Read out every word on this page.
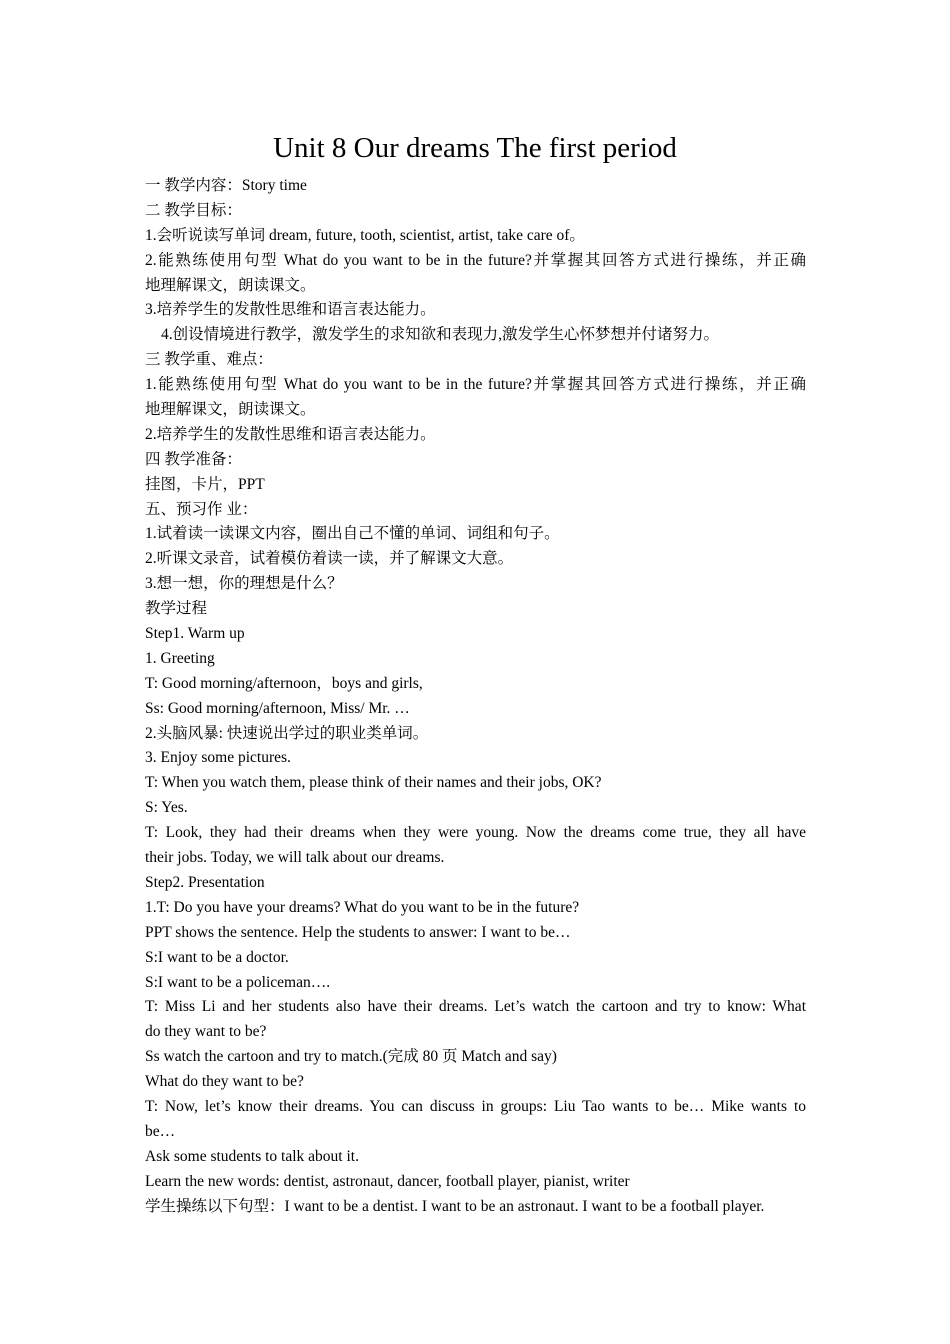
Unit 8 Our dreams The first period
一 教学内容：Story time
二 教学目标：
1.会听说读写单词 dream, future, tooth, scientist, artist, take care of。
2.能熟练使用句型 What do you want to be in the future?并掌握其回答方式进行操练，并正确
地理解课文，朗读课文。
3.培养学生的发散性思维和语言表达能力。
4.创设情境进行教学，激发学生的求知欲和表现力,激发学生心怀梦想并付诸努力。
三 教学重、难点：
1.能熟练使用句型 What do you want to be in the future?并掌握其回答方式进行操练，并正确
地理解课文，朗读课文。
2.培养学生的发散性思维和语言表达能力。
四 教学准备：
挂图，卡片，PPT
五、预习作 业：
1.试着读一读课文内容，圈出自己不懂的单词、词组和句子。
2.听课文录音，试着模仿着读一读，并了解课文大意。
3.想一想，你的理想是什么？
教学过程
Step1. Warm up
1. Greeting
T: Good morning/afternoon，boys and girls,
Ss: Good morning/afternoon, Miss/ Mr. …
2.头脑风暴: 快速说出学过的职业类单词。
3. Enjoy some pictures.
T: When you watch them, please think of their names and their jobs, OK?
S: Yes.
T: Look, they had their dreams when they were young. Now the dreams come true, they all have
their jobs. Today, we will talk about our dreams.
Step2. Presentation
1.T: Do you have your dreams? What do you want to be in the future?
PPT shows the sentence. Help the students to answer: I want to be…
S:I want to be a doctor.
S:I want to be a policeman….
T: Miss Li and her students also have their dreams. Let’s watch the cartoon and try to know: What
do they want to be?
Ss watch the cartoon and try to match.(完成 80 页 Match and say)
What do they want to be?
T: Now, let’s know their dreams. You can discuss in groups: Liu Tao wants to be… Mike wants to
be…
Ask some students to talk about it.
Learn the new words: dentist, astronaut, dancer, football player, pianist, writer
学生操练以下句型：I want to be a dentist. I want to be an astronaut. I want to be a football player.
